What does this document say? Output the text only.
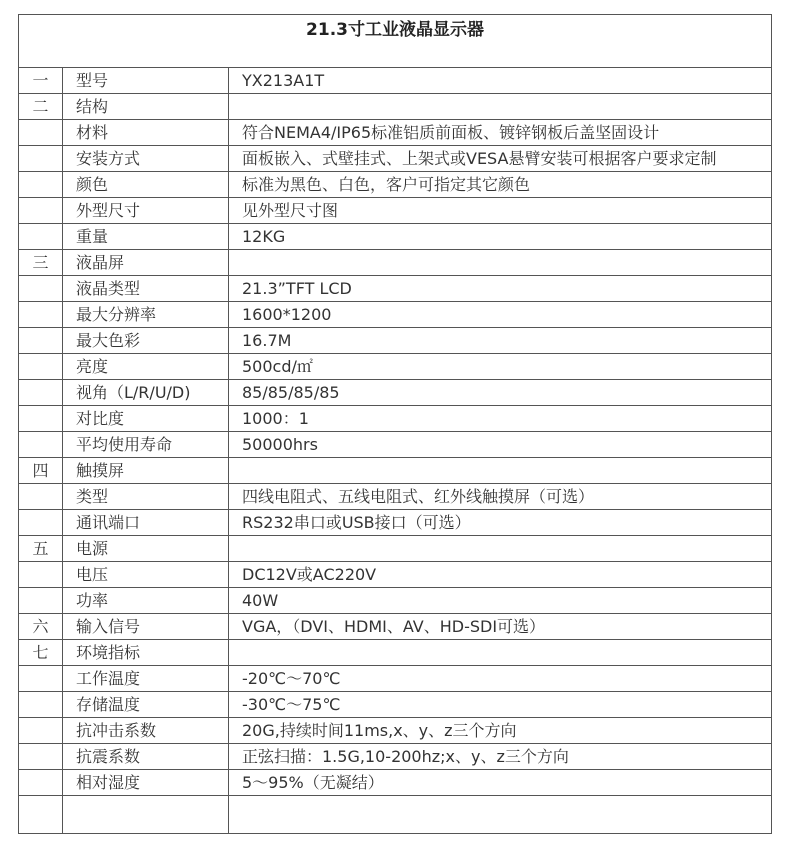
21.3寸工业液晶显示器		
一	型号	YX213A1T
二	结构	
	材料	符合NEMA4/IP65标准铝质前面板、镀锌钢板后盖坚固设计
	安装方式	面板嵌入、式壁挂式、上架式或VESA悬臂安装可根据客户要求定制
	颜色	标准为黑色、白色，客户可指定其它颜色
	外型尺寸	见外型尺寸图
	重量	12KG
三	液晶屏	
	液晶类型	21.3”TFT LCD
	最大分辨率	1600*1200
	最大色彩	16.7M
	亮度	500cd/㎡
	视角（L/R/U/D)	85/85/85/85
	对比度	1000：1
	平均使用寿命	50000hrs
四	触摸屏	
	类型	四线电阻式、五线电阻式、红外线触摸屏（可选）
	通讯端口	RS232串口或USB接口（可选）
五	电源	
	电压	DC12V或AC220V
	功率	40W
六	输入信号	VGA，（DVI、HDMI、AV、HD-SDI可选）
七	环境指标	
	工作温度	-20℃～70℃
	存储温度	-30℃～75℃
	抗冲击系数	20G,持续时间11ms,x、y、z三个方向
	抗震系数	正弦扫描：1.5G,10-200hz;x、y、z三个方向
	相对湿度	5～95%（无凝结）
